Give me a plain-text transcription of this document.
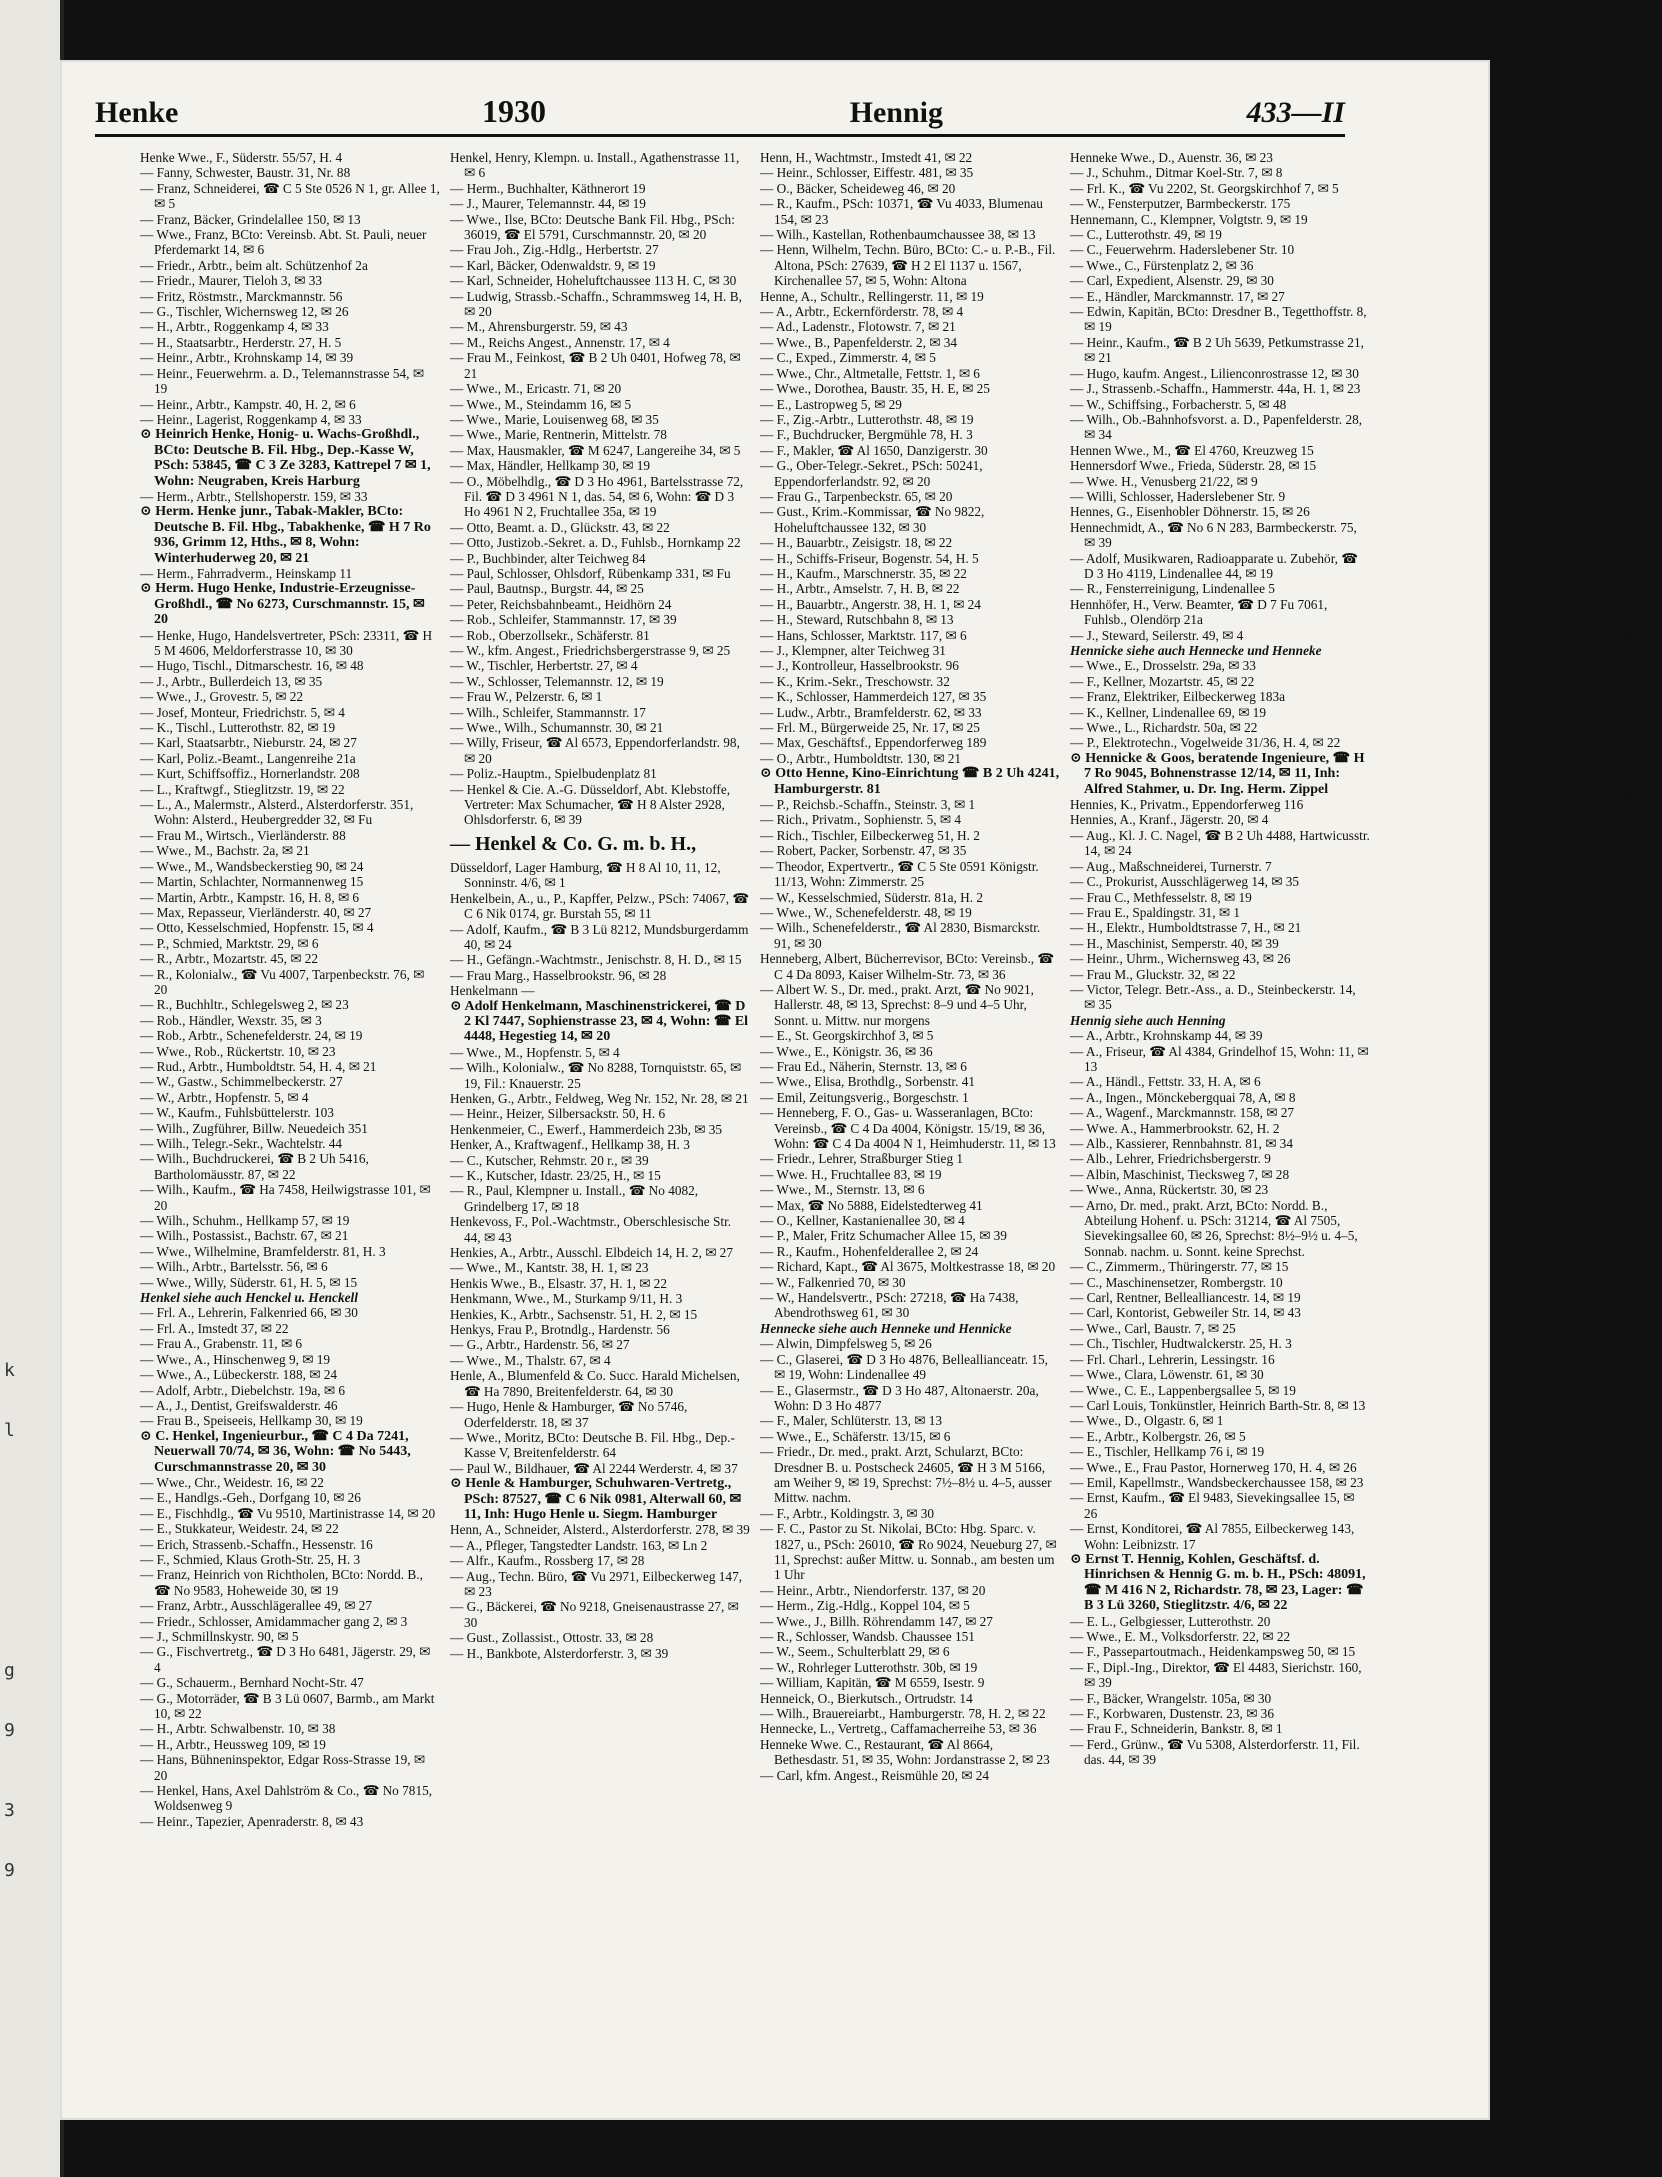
k
l
g
9
3
9
Henke	1930	Hennig	433—II

Henke Wwe., F., Süderstr. 55/57, H. 4

— Fanny, Schwester, Baustr. 31, Nr. 88

— Franz, Schneiderei, ☎ C 5 Ste 0526 N 1, gr. Allee 1, ✉ 5

— Franz, Bäcker, Grindelallee 150, ✉ 13

— Wwe., Franz, BCto: Vereinsb. Abt. St. Pauli, neuer Pferdemarkt 14, ✉ 6

— Friedr., Arbtr., beim alt. Schützenhof 2a

— Friedr., Maurer, Tieloh 3, ✉ 33

— Fritz, Röstmstr., Marckmannstr. 56

— G., Tischler, Wichernsweg 12, ✉ 26

— H., Arbtr., Roggenkamp 4, ✉ 33

— H., Staatsarbtr., Herderstr. 27, H. 5

— Heinr., Arbtr., Krohnskamp 14, ✉ 39

— Heinr., Feuerwehrm. a. D., Telemannstrasse 54, ✉ 19

— Heinr., Arbtr., Kampstr. 40, H. 2, ✉ 6

— Heinr., Lagerist, Roggenkamp 4, ✉ 33

⊙ Heinrich Henke, Honig- u. Wachs-Großhdl., BCto: Deutsche B. Fil. Hbg., Dep.-Kasse W, PSch: 53845, ☎ C 3 Ze 3283, Kattrepel 7 ✉ 1, Wohn: Neugraben, Kreis Harburg

— Herm., Arbtr., Stellshoperstr. 159, ✉ 33

⊙ Herm. Henke junr., Tabak-Makler, BCto: Deutsche B. Fil. Hbg., Tabakhenke, ☎ H 7 Ro 936, Grimm 12, Hths., ✉ 8, Wohn: Winterhuderweg 20, ✉ 21

— Herm., Fahrradverm., Heinskamp 11

⊙ Herm. Hugo Henke, Industrie-Erzeugnisse-Großhdl., ☎ No 6273, Curschmannstr. 15, ✉ 20

— Henke, Hugo, Handelsvertreter, PSch: 23311, ☎ H 5 M 4606, Meldorferstrasse 10, ✉ 30

— Hugo, Tischl., Ditmarschestr. 16, ✉ 48

— J., Arbtr., Bullerdeich 13, ✉ 35

— Wwe., J., Grovestr. 5, ✉ 22

— Josef, Monteur, Friedrichstr. 5, ✉ 4

— K., Tischl., Lutterothstr. 82, ✉ 19

— Karl, Staatsarbtr., Nieburstr. 24, ✉ 27

— Karl, Poliz.-Beamt., Langenreihe 21a

— Kurt, Schiffsoffiz., Hornerlandstr. 208

— L., Kraftwgf., Stieglitzstr. 19, ✉ 22

— L., A., Malermstr., Alsterd., Alsterdorferstr. 351, Wohn: Alsterd., Heubergredder 32, ✉ Fu

— Frau M., Wirtsch., Vierländerstr. 88

— Wwe., M., Bachstr. 2a, ✉ 21

— Wwe., M., Wandsbeckerstieg 90, ✉ 24

— Martin, Schlachter, Normannenweg 15

— Martin, Arbtr., Kampstr. 16, H. 8, ✉ 6

— Max, Repasseur, Vierländerstr. 40, ✉ 27

— Otto, Kesselschmied, Hopfenstr. 15, ✉ 4

— P., Schmied, Marktstr. 29, ✉ 6

— R., Arbtr., Mozartstr. 45, ✉ 22

— R., Kolonialw., ☎ Vu 4007, Tarpenbeckstr. 76, ✉ 20

— R., Buchhltr., Schlegelsweg 2, ✉ 23

— Rob., Händler, Wexstr. 35, ✉ 3

— Rob., Arbtr., Schenefelderstr. 24, ✉ 19

— Wwe., Rob., Rückertstr. 10, ✉ 23

— Rud., Arbtr., Humboldtstr. 54, H. 4, ✉ 21

— W., Gastw., Schimmelbeckerstr. 27

— W., Arbtr., Hopfenstr. 5, ✉ 4

— W., Kaufm., Fuhlsbüttelerstr. 103

— Wilh., Zugführer, Billw. Neuedeich 351

— Wilh., Telegr.-Sekr., Wachtelstr. 44

— Wilh., Buchdruckerei, ☎ B 2 Uh 5416, Bartholomäusstr. 87, ✉ 22

— Wilh., Kaufm., ☎ Ha 7458, Heilwigstrasse 101, ✉ 20

— Wilh., Schuhm., Hellkamp 57, ✉ 19

— Wilh., Postassist., Bachstr. 67, ✉ 21

— Wwe., Wilhelmine, Bramfelderstr. 81, H. 3

— Wilh., Arbtr., Bartelsstr. 56, ✉ 6

— Wwe., Willy, Süderstr. 61, H. 5, ✉ 15

Henkel siehe auch Henckel u. Henckell

— Frl. A., Lehrerin, Falkenried 66, ✉ 30

— Frl. A., Imstedt 37, ✉ 22

— Frau A., Grabenstr. 11, ✉ 6

— Wwe., A., Hinschenweg 9, ✉ 19

— Wwe., A., Lübeckerstr. 188, ✉ 24

— Adolf, Arbtr., Diebelchstr. 19a, ✉ 6

— A., J., Dentist, Greifswalderstr. 46

— Frau B., Speiseeis, Hellkamp 30, ✉ 19

⊙ C. Henkel, Ingenieurbur., ☎ C 4 Da 7241, Neuerwall 70/74, ✉ 36, Wohn: ☎ No 5443, Curschmannstrasse 20, ✉ 30

— Wwe., Chr., Weidestr. 16, ✉ 22

— E., Handlgs.-Geh., Dorfgang 10, ✉ 26

— E., Fischhdlg., ☎ Vu 9510, Martinistrasse 14, ✉ 20

— E., Stukkateur, Weidestr. 24, ✉ 22

— Erich, Strassenb.-Schaffn., Hessenstr. 16

— F., Schmied, Klaus Groth-Str. 25, H. 3

— Franz, Heinrich von Richtholen, BCto: Nordd. B., ☎ No 9583, Hoheweide 30, ✉ 19

— Franz, Arbtr., Ausschlägerallee 49, ✉ 27

— Friedr., Schlosser, Amidammacher gang 2, ✉ 3

— J., Schmillnskystr. 90, ✉ 5

— G., Fischvertretg., ☎ D 3 Ho 6481, Jägerstr. 29, ✉ 4

— G., Schauerm., Bernhard Nocht-Str. 47

— G., Motorräder, ☎ B 3 Lü 0607, Barmb., am Markt 10, ✉ 22

— H., Arbtr. Schwalbenstr. 10, ✉ 38

— H., Arbtr., Heussweg 109, ✉ 19

— Hans, Bühneninspektor, Edgar Ross-Strasse 19, ✉ 20

— Henkel, Hans, Axel Dahlström & Co., ☎ No 7815, Woldsenweg 9

— Heinr., Tapezier, Apenraderstr. 8, ✉ 43

Henkel, Henry, Klempn. u. Install., Agathenstrasse 11, ✉ 6

— Herm., Buchhalter, Käthnerort 19

— J., Maurer, Telemannstr. 44, ✉ 19

— Wwe., Ilse, BCto: Deutsche Bank Fil. Hbg., PSch: 36019, ☎ El 5791, Curschmannstr. 20, ✉ 20

— Frau Joh., Zig.-Hdlg., Herbertstr. 27

— Karl, Bäcker, Odenwaldstr. 9, ✉ 19

— Karl, Schneider, Hoheluftchaussee 113 H. C, ✉ 30

— Ludwig, Strassb.-Schaffn., Schrammsweg 14, H. B, ✉ 20

— M., Ahrensburgerstr. 59, ✉ 43

— M., Reichs Angest., Annenstr. 17, ✉ 4

— Frau M., Feinkost, ☎ B 2 Uh 0401, Hofweg 78, ✉ 21

— Wwe., M., Ericastr. 71, ✉ 20

— Wwe., M., Steindamm 16, ✉ 5

— Wwe., Marie, Louisenweg 68, ✉ 35

— Wwe., Marie, Rentnerin, Mittelstr. 78

— Max, Hausmakler, ☎ M 6247, Langereihe 34, ✉ 5

— Max, Händler, Hellkamp 30, ✉ 19

— O., Möbelhdlg., ☎ D 3 Ho 4961, Bartelsstrasse 72, Fil. ☎ D 3 4961 N 1, das. 54, ✉ 6, Wohn: ☎ D 3 Ho 4961 N 2, Fruchtallee 35a, ✉ 19

— Otto, Beamt. a. D., Glückstr. 43, ✉ 22

— Otto, Justizob.-Sekret. a. D., Fuhlsb., Hornkamp 22

— P., Buchbinder, alter Teichweg 84

— Paul, Schlosser, Ohlsdorf, Rübenkamp 331, ✉ Fu

— Paul, Bautnsp., Burgstr. 44, ✉ 25

— Peter, Reichsbahnbeamt., Heidhörn 24

— Rob., Schleifer, Stammannstr. 17, ✉ 39

— Rob., Oberzollsekr., Schäferstr. 81

— W., kfm. Angest., Friedrichsbergerstrasse 9, ✉ 25

— W., Tischler, Herbertstr. 27, ✉ 4

— W., Schlosser, Telemannstr. 12, ✉ 19

— Frau W., Pelzerstr. 6, ✉ 1

— Wilh., Schleifer, Stammannstr. 17

— Wwe., Wilh., Schumannstr. 30, ✉ 21

— Willy, Friseur, ☎ Al 6573, Eppendorferlandstr. 98, ✉ 20

— Poliz.-Hauptm., Spielbudenplatz 81

— Henkel & Cie. A.-G. Düsseldorf, Abt. Klebstoffe, Vertreter: Max Schumacher, ☎ H 8 Alster 2928, Ohlsdorferstr. 6, ✉ 39

— Henkel & Co. G. m. b. H.,

Düsseldorf, Lager Hamburg, ☎ H 8 Al 10, 11, 12, Sonninstr. 4/6, ✉ 1

Henkelbein, A., u., P., Kapffer, Pelzw., PSch: 74067, ☎ C 6 Nik 0174, gr. Burstah 55, ✉ 11

— Adolf, Kaufm., ☎ B 3 Lü 8212, Mundsburgerdamm 40, ✉ 24

— H., Gefängn.-Wachtmstr., Jenischstr. 8, H. D., ✉ 15

— Frau Marg., Hasselbrookstr. 96, ✉ 28

Henkelmann —

⊙ Adolf Henkelmann, Maschinenstrickerei, ☎ D 2 Kl 7447, Sophienstrasse 23, ✉ 4, Wohn: ☎ El 4448, Hegestieg 14, ✉ 20

— Wwe., M., Hopfenstr. 5, ✉ 4

— Wilh., Kolonialw., ☎ No 8288, Tornquiststr. 65, ✉ 19, Fil.: Knauerstr. 25

Henken, G., Arbtr., Feldweg, Weg Nr. 152, Nr. 28, ✉ 21

— Heinr., Heizer, Silbersackstr. 50, H. 6

Henkenmeier, C., Ewerf., Hammerdeich 23b, ✉ 35

Henker, A., Kraftwagenf., Hellkamp 38, H. 3

— C., Kutscher, Rehmstr. 20 r., ✉ 39

— K., Kutscher, Idastr. 23/25, H., ✉ 15

— R., Paul, Klempner u. Install., ☎ No 4082, Grindelberg 17, ✉ 18

Henkevoss, F., Pol.-Wachtmstr., Oberschlesische Str. 44, ✉ 43

Henkies, A., Arbtr., Ausschl. Elbdeich 14, H. 2, ✉ 27

— Wwe., M., Kantstr. 38, H. 1, ✉ 23

Henkis Wwe., B., Elsastr. 37, H. 1, ✉ 22

Henkmann, Wwe., M., Sturkamp 9/11, H. 3

Henkies, K., Arbtr., Sachsenstr. 51, H. 2, ✉ 15

Henkys, Frau P., Brotndlg., Hardenstr. 56

— G., Arbtr., Hardenstr. 56, ✉ 27

— Wwe., M., Thalstr. 67, ✉ 4

Henle, A., Blumenfeld & Co. Succ. Harald Michelsen, ☎ Ha 7890, Breitenfelderstr. 64, ✉ 30

— Hugo, Henle & Hamburger, ☎ No 5746, Oderfelderstr. 18, ✉ 37

— Wwe., Moritz, BCto: Deutsche B. Fil. Hbg., Dep.-Kasse V, Breitenfelderstr. 64

— Paul W., Bildhauer, ☎ Al 2244 Werderstr. 4, ✉ 37

⊙ Henle & Hamburger, Schuhwaren-Vertretg., PSch: 87527, ☎ C 6 Nik 0981, Alterwall 60, ✉ 11, Inh: Hugo Henle u. Siegm. Hamburger

Henn, A., Schneider, Alsterd., Alsterdorferstr. 278, ✉ 39

— A., Pfleger, Tangstedter Landstr. 163, ✉ Ln 2

— Alfr., Kaufm., Rossberg 17, ✉ 28

— Aug., Techn. Büro, ☎ Vu 2971, Eilbeckerweg 147, ✉ 23

— G., Bäckerei, ☎ No 9218, Gneisenaustrasse 27, ✉ 30

— Gust., Zollassist., Ottostr. 33, ✉ 28

— H., Bankbote, Alsterdorferstr. 3, ✉ 39

Henn, H., Wachtmstr., Imstedt 41, ✉ 22

— Heinr., Schlosser, Eiffestr. 481, ✉ 35

— O., Bäcker, Scheideweg 46, ✉ 20

— R., Kaufm., PSch: 10371, ☎ Vu 4033, Blumenau 154, ✉ 23

— Wilh., Kastellan, Rothenbaumchaussee 38, ✉ 13

— Henn, Wilhelm, Techn. Büro, BCto: C.- u. P.-B., Fil. Altona, PSch: 27639, ☎ H 2 El 1137 u. 1567, Kirchenallee 57, ✉ 5, Wohn: Altona

Henne, A., Schultr., Rellingerstr. 11, ✉ 19

— A., Arbtr., Eckernförderstr. 78, ✉ 4

— Ad., Ladenstr., Flotowstr. 7, ✉ 21

— Wwe., B., Papenfelderstr. 2, ✉ 34

— C., Exped., Zimmerstr. 4, ✉ 5

— Wwe., Chr., Altmetalle, Fettstr. 1, ✉ 6

— Wwe., Dorothea, Baustr. 35, H. E, ✉ 25

— E., Lastropweg 5, ✉ 29

— F., Zig.-Arbtr., Lutterothstr. 48, ✉ 19

— F., Buchdrucker, Bergmühle 78, H. 3

— F., Makler, ☎ Al 1650, Danzigerstr. 30

— G., Ober-Telegr.-Sekret., PSch: 50241, Eppendorferlandstr. 92, ✉ 20

— Frau G., Tarpenbeckstr. 65, ✉ 20

— Gust., Krim.-Kommissar, ☎ No 9822, Hoheluftchaussee 132, ✉ 30

— H., Bauarbtr., Zeisigstr. 18, ✉ 22

— H., Schiffs-Friseur, Bogenstr. 54, H. 5

— H., Kaufm., Marschnerstr. 35, ✉ 22

— H., Arbtr., Amselstr. 7, H. B, ✉ 22

— H., Bauarbtr., Angerstr. 38, H. 1, ✉ 24

— H., Steward, Rutschbahn 8, ✉ 13

— Hans, Schlosser, Marktstr. 117, ✉ 6

— J., Klempner, alter Teichweg 31

— J., Kontrolleur, Hasselbrookstr. 96

— K., Krim.-Sekr., Treschowstr. 32

— K., Schlosser, Hammerdeich 127, ✉ 35

— Ludw., Arbtr., Bramfelderstr. 62, ✉ 33

— Frl. M., Bürgerweide 25, Nr. 17, ✉ 25

— Max, Geschäftsf., Eppendorferweg 189

— O., Arbtr., Humboldtstr. 130, ✉ 21

⊙ Otto Henne, Kino-Einrichtung ☎ B 2 Uh 4241, Hamburgerstr. 81

— P., Reichsb.-Schaffn., Steinstr. 3, ✉ 1

— Rich., Privatm., Sophienstr. 5, ✉ 4

— Rich., Tischler, Eilbeckerweg 51, H. 2

— Robert, Packer, Sorbenstr. 47, ✉ 35

— Theodor, Expertvertr., ☎ C 5 Ste 0591 Königstr. 11/13, Wohn: Zimmerstr. 25

— W., Kesselschmied, Süderstr. 81a, H. 2

— Wwe., W., Schenefelderstr. 48, ✉ 19

— Wilh., Schenefelderstr., ☎ Al 2830, Bismarckstr. 91, ✉ 30

Henneberg, Albert, Bücherrevisor, BCto: Vereinsb., ☎ C 4 Da 8093, Kaiser Wilhelm-Str. 73, ✉ 36

— Albert W. S., Dr. med., prakt. Arzt, ☎ No 9021, Hallerstr. 48, ✉ 13, Sprechst: 8–9 und 4–5 Uhr, Sonnt. u. Mittw. nur morgens

— E., St. Georgskirchhof 3, ✉ 5

— Wwe., E., Königstr. 36, ✉ 36

— Frau Ed., Näherin, Sternstr. 13, ✉ 6

— Wwe., Elisa, Brothdlg., Sorbenstr. 41

— Emil, Zeitungsverig., Borgeschstr. 1

— Henneberg, F. O., Gas- u. Wasseranlagen, BCto: Vereinsb., ☎ C 4 Da 4004, Königstr. 15/19, ✉ 36, Wohn: ☎ C 4 Da 4004 N 1, Heimhuderstr. 11, ✉ 13

— Friedr., Lehrer, Straßburger Stieg 1

— Wwe. H., Fruchtallee 83, ✉ 19

— Wwe., M., Sternstr. 13, ✉ 6

— Max, ☎ No 5888, Eidelstedterweg 41

— O., Kellner, Kastanienallee 30, ✉ 4

— P., Maler, Fritz Schumacher Allee 15, ✉ 39

— R., Kaufm., Hohenfelderallee 2, ✉ 24

— Richard, Kapt., ☎ Al 3675, Moltkestrasse 18, ✉ 20

— W., Falkenried 70, ✉ 30

— W., Handelsvertr., PSch: 27218, ☎ Ha 7438, Abendrothsweg 61, ✉ 30

Hennecke siehe auch Henneke und Hennicke

— Alwin, Dimpfelsweg 5, ✉ 26

— C., Glaserei, ☎ D 3 Ho 4876, Belleallianceatr. 15, ✉ 19, Wohn: Lindenallee 49

— E., Glasermstr., ☎ D 3 Ho 487, Altonaerstr. 20a, Wohn: D 3 Ho 4877

— F., Maler, Schlüterstr. 13, ✉ 13

— Wwe., E., Schäferstr. 13/15, ✉ 6

— Friedr., Dr. med., prakt. Arzt, Schularzt, BCto: Dresdner B. u. Postscheck 24605, ☎ H 3 M 5166, am Weiher 9, ✉ 19, Sprechst: 7½–8½ u. 4–5, ausser Mittw. nachm.

— F., Arbtr., Koldingstr. 3, ✉ 30

— F. C., Pastor zu St. Nikolai, BCto: Hbg. Sparc. v. 1827, u., PSch: 26010, ☎ Ro 9024, Neueburg 27, ✉ 11, Sprechst: außer Mittw. u. Sonnab., am besten um 1 Uhr

— Heinr., Arbtr., Niendorferstr. 137, ✉ 20

— Herm., Zig.-Hdlg., Koppel 104, ✉ 5

— Wwe., J., Billh. Röhrendamm 147, ✉ 27

— R., Schlosser, Wandsb. Chaussee 151

— W., Seem., Schulterblatt 29, ✉ 6

— W., Rohrleger Lutterothstr. 30b, ✉ 19

— William, Kapitän, ☎ M 6559, Isestr. 9

Henneick, O., Bierkutsch., Ortrudstr. 14

— Wilh., Brauereiarbt., Hamburgerstr. 78, H. 2, ✉ 22

Hennecke, L., Vertretg., Caffamacherreihe 53, ✉ 36

Henneke Wwe. C., Restaurant, ☎ Al 8664, Bethesdastr. 51, ✉ 35, Wohn: Jordanstrasse 2, ✉ 23

— Carl, kfm. Angest., Reismühle 20, ✉ 24

Henneke Wwe., D., Auenstr. 36, ✉ 23

— J., Schuhm., Ditmar Koel-Str. 7, ✉ 8

— Frl. K., ☎ Vu 2202, St. Georgskirchhof 7, ✉ 5

— W., Fensterputzer, Barmbeckerstr. 175

Hennemann, C., Klempner, Volgtstr. 9, ✉ 19

— C., Lutterothstr. 49, ✉ 19

— C., Feuerwehrm. Haderslebener Str. 10

— Wwe., C., Fürstenplatz 2, ✉ 36

— Carl, Expedient, Alsenstr. 29, ✉ 30

— E., Händler, Marckmannstr. 17, ✉ 27

— Edwin, Kapitän, BCto: Dresdner B., Tegetthoffstr. 8, ✉ 19

— Heinr., Kaufm., ☎ B 2 Uh 5639, Petkumstrasse 21, ✉ 21

— Hugo, kaufm. Angest., Lilienconrostrasse 12, ✉ 30

— J., Strassenb.-Schaffn., Hammerstr. 44a, H. 1, ✉ 23

— W., Schiffsing., Forbacherstr. 5, ✉ 48

— Wilh., Ob.-Bahnhofsvorst. a. D., Papenfelderstr. 28, ✉ 34

Hennen Wwe., M., ☎ El 4760, Kreuzweg 15

Hennersdorf Wwe., Frieda, Süderstr. 28, ✉ 15

— Wwe. H., Venusberg 21/22, ✉ 9

— Willi, Schlosser, Haderslebener Str. 9

Hennes, G., Eisenhobler Döhnerstr. 15, ✉ 26

Hennechmidt, A., ☎ No 6 N 283, Barmbeckerstr. 75, ✉ 39

— Adolf, Musikwaren, Radioapparate u. Zubehör, ☎ D 3 Ho 4119, Lindenallee 44, ✉ 19

— R., Fensterreinigung, Lindenallee 5

Hennhöfer, H., Verw. Beamter, ☎ D 7 Fu 7061, Fuhlsb., Olendörp 21a

— J., Steward, Seilerstr. 49, ✉ 4

Hennicke siehe auch Hennecke und Henneke

— Wwe., E., Drosselstr. 29a, ✉ 33

— F., Kellner, Mozartstr. 45, ✉ 22

— Franz, Elektriker, Eilbeckerweg 183a

— K., Kellner, Lindenallee 69, ✉ 19

— Wwe., L., Richardstr. 50a, ✉ 22

— P., Elektrotechn., Vogelweide 31/36, H. 4, ✉ 22

⊙ Hennicke & Goos, beratende Ingenieure, ☎ H 7 Ro 9045, Bohnenstrasse 12/14, ✉ 11, Inh: Alfred Stahmer, u. Dr. Ing. Herm. Zippel

Hennies, K., Privatm., Eppendorferweg 116

Hennies, A., Kranf., Jägerstr. 20, ✉ 4

— Aug., Kl. J. C. Nagel, ☎ B 2 Uh 4488, Hartwicusstr. 14, ✉ 24

— Aug., Maßschneiderei, Turnerstr. 7

— C., Prokurist, Ausschlägerweg 14, ✉ 35

— Frau C., Methfesselstr. 8, ✉ 19

— Frau E., Spaldingstr. 31, ✉ 1

— H., Elektr., Humboldtstrasse 7, H., ✉ 21

— H., Maschinist, Semperstr. 40, ✉ 39

— Heinr., Uhrm., Wichernsweg 43, ✉ 26

— Frau M., Gluckstr. 32, ✉ 22

— Victor, Telegr. Betr.-Ass., a. D., Steinbeckerstr. 14, ✉ 35

Hennig siehe auch Henning

— A., Arbtr., Krohnskamp 44, ✉ 39

— A., Friseur, ☎ Al 4384, Grindelhof 15, Wohn: 11, ✉ 13

— A., Händl., Fettstr. 33, H. A, ✉ 6

— A., Ingen., Mönckebergquai 78, A, ✉ 8

— A., Wagenf., Marckmannstr. 158, ✉ 27

— Wwe. A., Hammerbrookstr. 62, H. 2

— Alb., Kassierer, Rennbahnstr. 81, ✉ 34

— Alb., Lehrer, Friedrichsbergerstr. 9

— Albin, Maschinist, Tiecksweg 7, ✉ 28

— Wwe., Anna, Rückertstr. 30, ✉ 23

— Arno, Dr. med., prakt. Arzt, BCto: Nordd. B., Abteilung Hohenf. u. PSch: 31214, ☎ Al 7505, Sievekingsallee 60, ✉ 26, Sprechst: 8½–9½ u. 4–5, Sonnab. nachm. u. Sonnt. keine Sprechst.

— C., Zimmerm., Thüringerstr. 77, ✉ 15

— C., Maschinensetzer, Rombergstr. 10

— Carl, Rentner, Bellealliancestr. 14, ✉ 19

— Carl, Kontorist, Gebweiler Str. 14, ✉ 43

— Wwe., Carl, Baustr. 7, ✉ 25

— Ch., Tischler, Hudtwalckerstr. 25, H. 3

— Frl. Charl., Lehrerin, Lessingstr. 16

— Wwe., Clara, Löwenstr. 61, ✉ 30

— Wwe., C. E., Lappenbergsallee 5, ✉ 19

— Carl Louis, Tonkünstler, Heinrich Barth-Str. 8, ✉ 13

— Wwe., D., Olgastr. 6, ✉ 1

— E., Arbtr., Kolbergstr. 26, ✉ 5

— E., Tischler, Hellkamp 76 i, ✉ 19

— Wwe., E., Frau Pastor, Hornerweg 170, H. 4, ✉ 26

— Emil, Kapellmstr., Wandsbeckerchaussee 158, ✉ 23

— Ernst, Kaufm., ☎ El 9483, Sievekingsallee 15, ✉ 26

— Ernst, Konditorei, ☎ Al 7855, Eilbeckerweg 143, Wohn: Leibnizstr. 17

⊙ Ernst T. Hennig, Kohlen, Geschäftsf. d. Hinrichsen & Hennig G. m. b. H., PSch: 48091, ☎ M 416 N 2, Richardstr. 78, ✉ 23, Lager: ☎ B 3 Lü 3260, Stieglitzstr. 4/6, ✉ 22

— E. L., Gelbgiesser, Lutterothstr. 20

— Wwe., E. M., Volksdorferstr. 22, ✉ 22

— F., Passepartoutmach., Heidenkampsweg 50, ✉ 15

— F., Dipl.-Ing., Direktor, ☎ El 4483, Sierichstr. 160, ✉ 39

— F., Bäcker, Wrangelstr. 105a, ✉ 30

— F., Korbwaren, Dustenstr. 23, ✉ 36

— Frau F., Schneiderin, Bankstr. 8, ✉ 1

— Ferd., Grünw., ☎ Vu 5308, Alsterdorferstr. 11, Fil. das. 44, ✉ 39

Fernsprech-
Selbstanschlußämter: B Ra = B 7 Rathaus; B Ko = D 7 Fuhlsbüttel;
Ra = D 9 Bahrenfeld; Ho = D 8 Holstein; Sch = D 8 Schiffbek;
Hi = C 2 Hammerbrook; Ki = D 7 Kreuzweg; Be = C 6 Stephan;
El = C 5 Elbe; Uh = B 5 Uhlenhorst; Wi = C 8 Wilhelm;
Nik = C 6 Nikolai; Zo = C 8 Zentrum
